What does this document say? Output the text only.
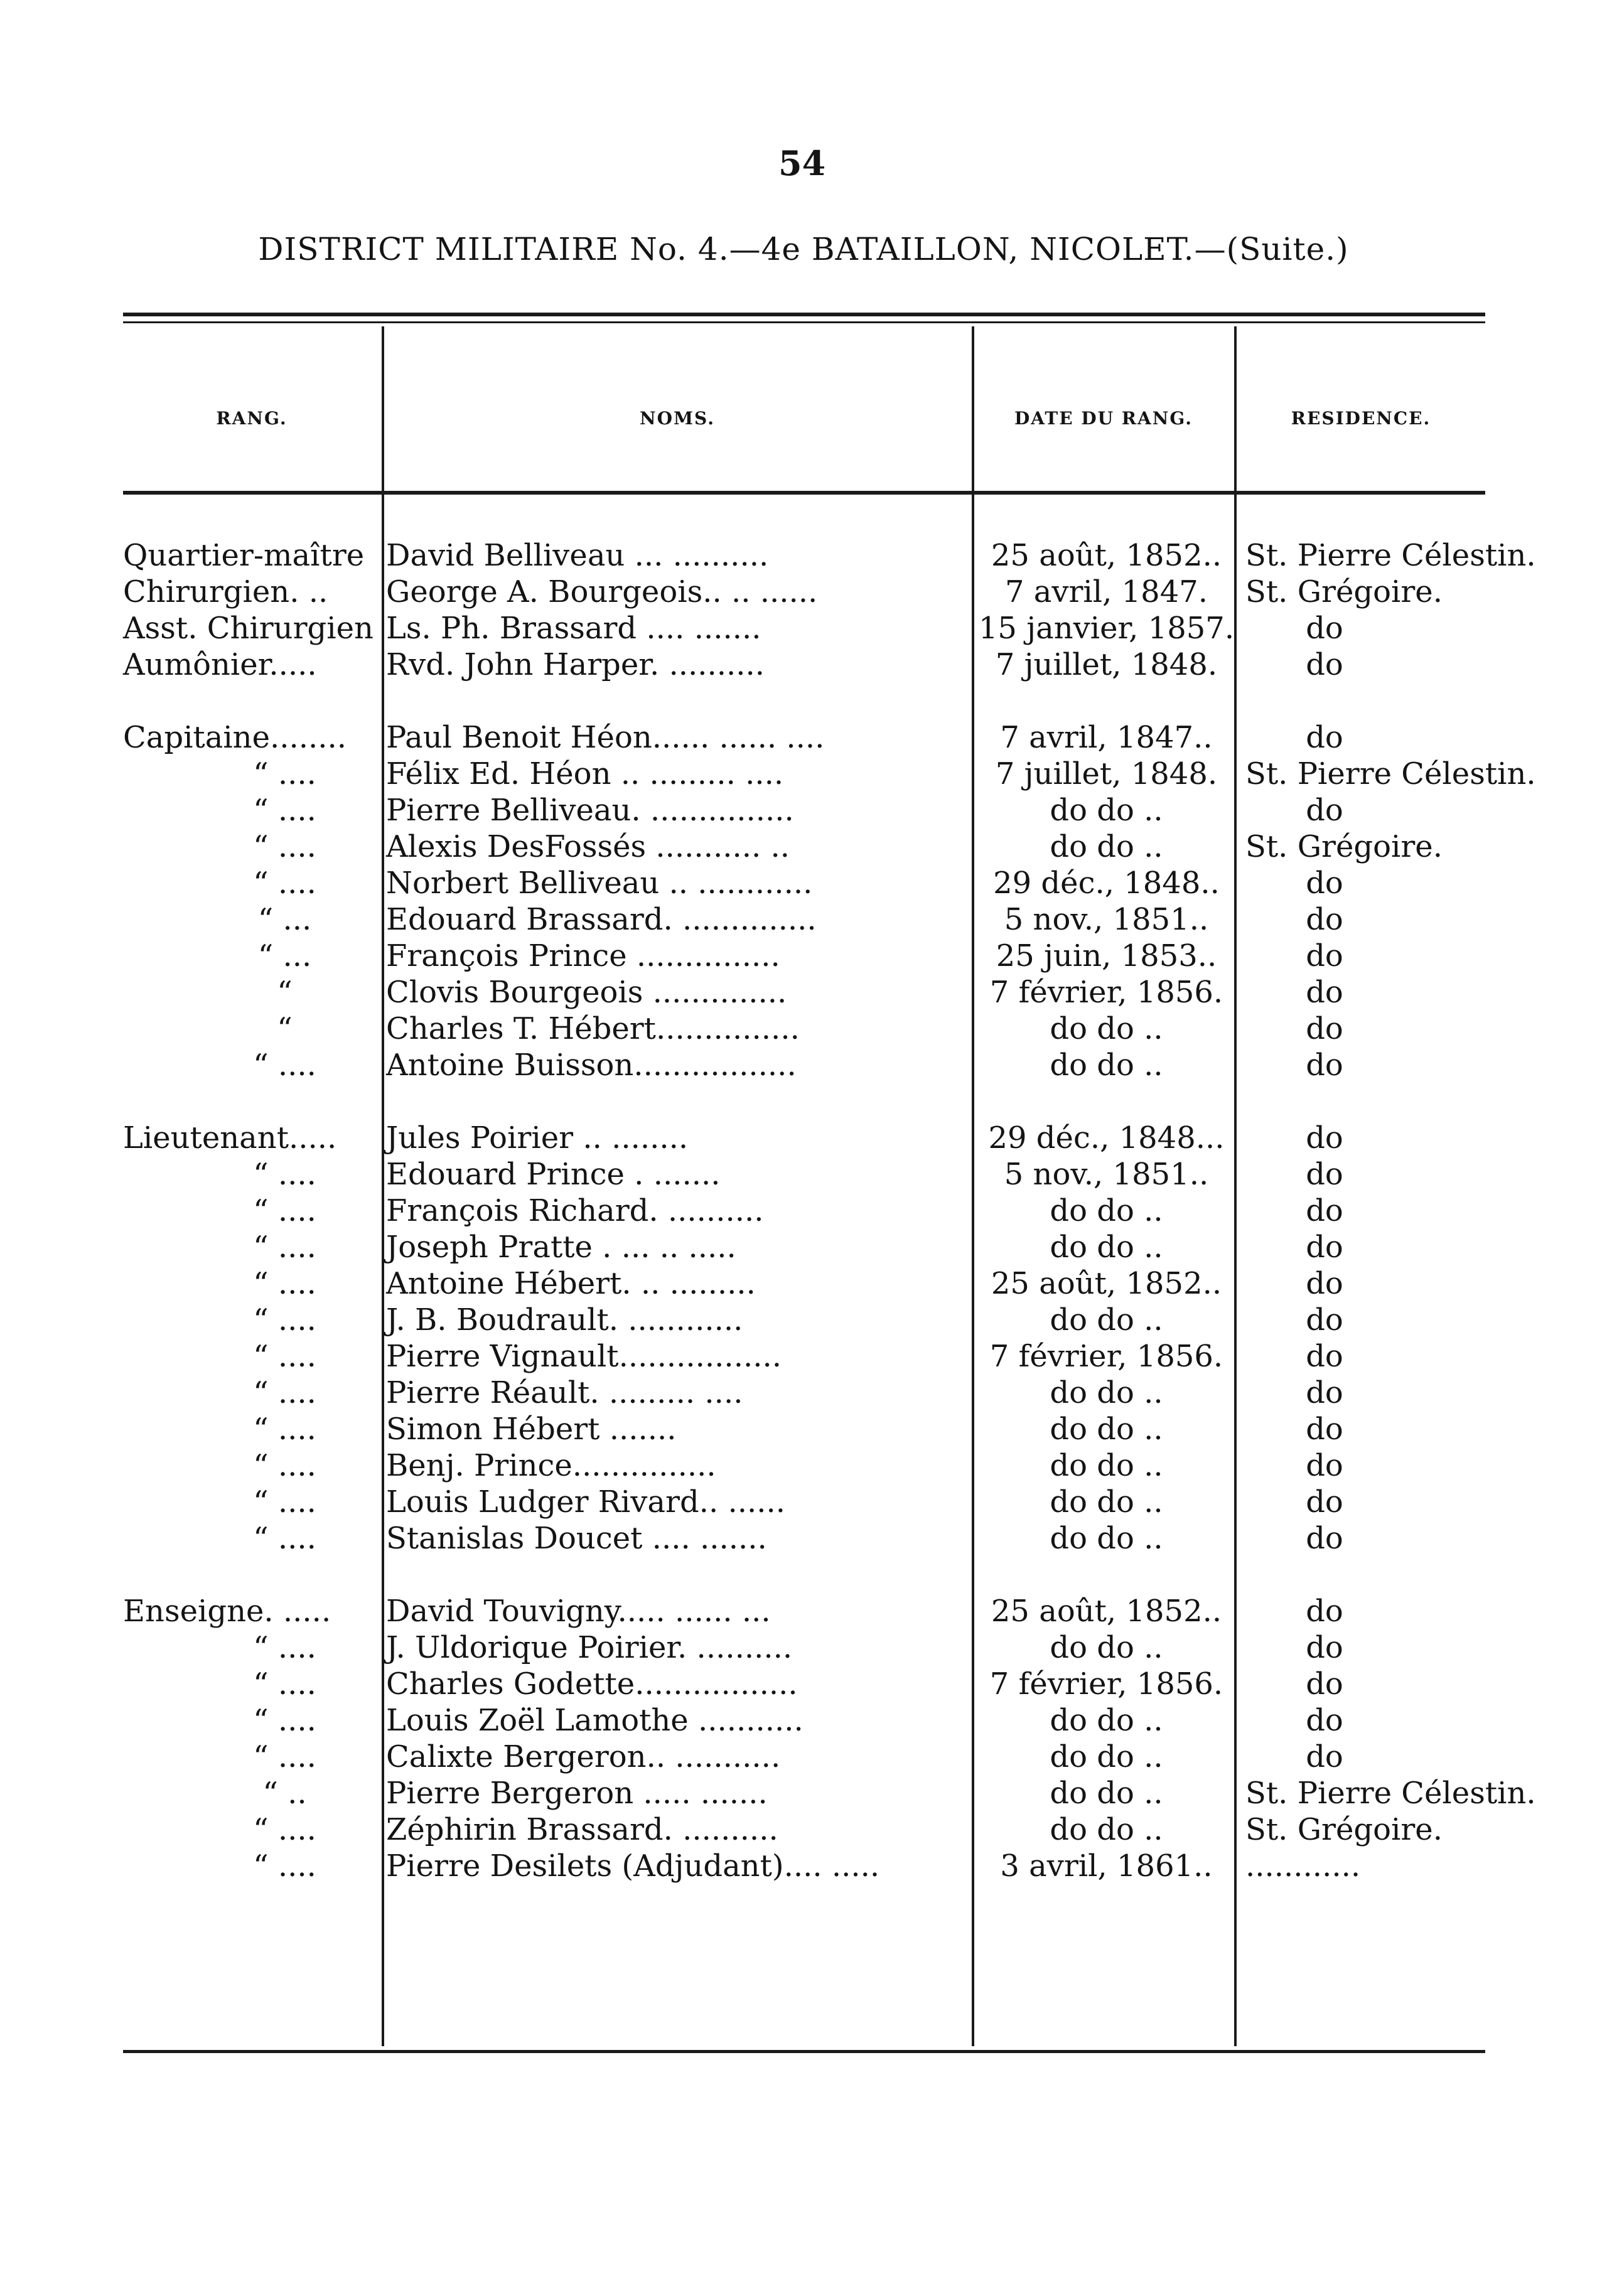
54
DISTRICT MILITAIRE No. 4.—4e BATAILLON, NICOLET.—(Suite.)
RANG.	NOMS.	DATE DU RANG.	RESIDENCE.
Quartier-maître	David Belliveau ... ..........	25 août, 1852..	St. Pierre Célestin.
Chirurgien. ..	George A. Bourgeois.. .. ......	7 avril, 1847.	St. Grégoire.
Asst. Chirurgien	Ls. Ph. Brassard .... .......	15 janvier, 1857.	do
Aumônier.....	Rvd. John Harper. ..........	7 juillet, 1848.	do

Capitaine........	Paul Benoit Héon...... ...... ....	7 avril, 1847..	do
“ ....	Félix Ed. Héon .. ......... ....	7 juillet, 1848.	St. Pierre Célestin.
“ ....	Pierre Belliveau. ...............	do do ..	do
“ ....	Alexis DesFossés ........... ..	do do ..	St. Grégoire.
“ ....	Norbert Belliveau .. ............	29 déc., 1848..	do
“ ...	Edouard Brassard. ..............	5 nov., 1851..	do
“ ...	François Prince ...............	25 juin, 1853..	do
“	Clovis Bourgeois ..............	7 février, 1856.	do
“	Charles T. Hébert...............	do do ..	do
“ ....	Antoine Buisson.................	do do ..	do

Lieutenant.....	Jules Poirier .. ........	29 déc., 1848...	do
“ ....	Edouard Prince . .......	5 nov., 1851..	do
“ ....	François Richard. ..........	do do ..	do
“ ....	Joseph Pratte . ... .. .....	do do ..	do
“ ....	Antoine Hébert. .. .........	25 août, 1852..	do
“ ....	J. B. Boudrault. ............	do do ..	do
“ ....	Pierre Vignault.................	7 février, 1856.	do
“ ....	Pierre Réault. ......... ....	do do ..	do
“ ....	Simon Hébert .......	do do ..	do
“ ....	Benj. Prince...............	do do ..	do
“ ....	Louis Ludger Rivard.. ......	do do ..	do
“ ....	Stanislas Doucet .... .......	do do ..	do

Enseigne. .....	David Touvigny..... ...... ...	25 août, 1852..	do
“ ....	J. Uldorique Poirier. ..........	do do ..	do
“ ....	Charles Godette.................	7 février, 1856.	do
“ ....	Louis Zoël Lamothe ...........	do do ..	do
“ ....	Calixte Bergeron.. ...........	do do ..	do
“ ..	Pierre Bergeron ..... .......	do do ..	St. Pierre Célestin.
“ ....	Zéphirin Brassard. ..........	do do ..	St. Grégoire.
“ ....	Pierre Desilets (Adjudant).... .....	3 avril, 1861..	............
